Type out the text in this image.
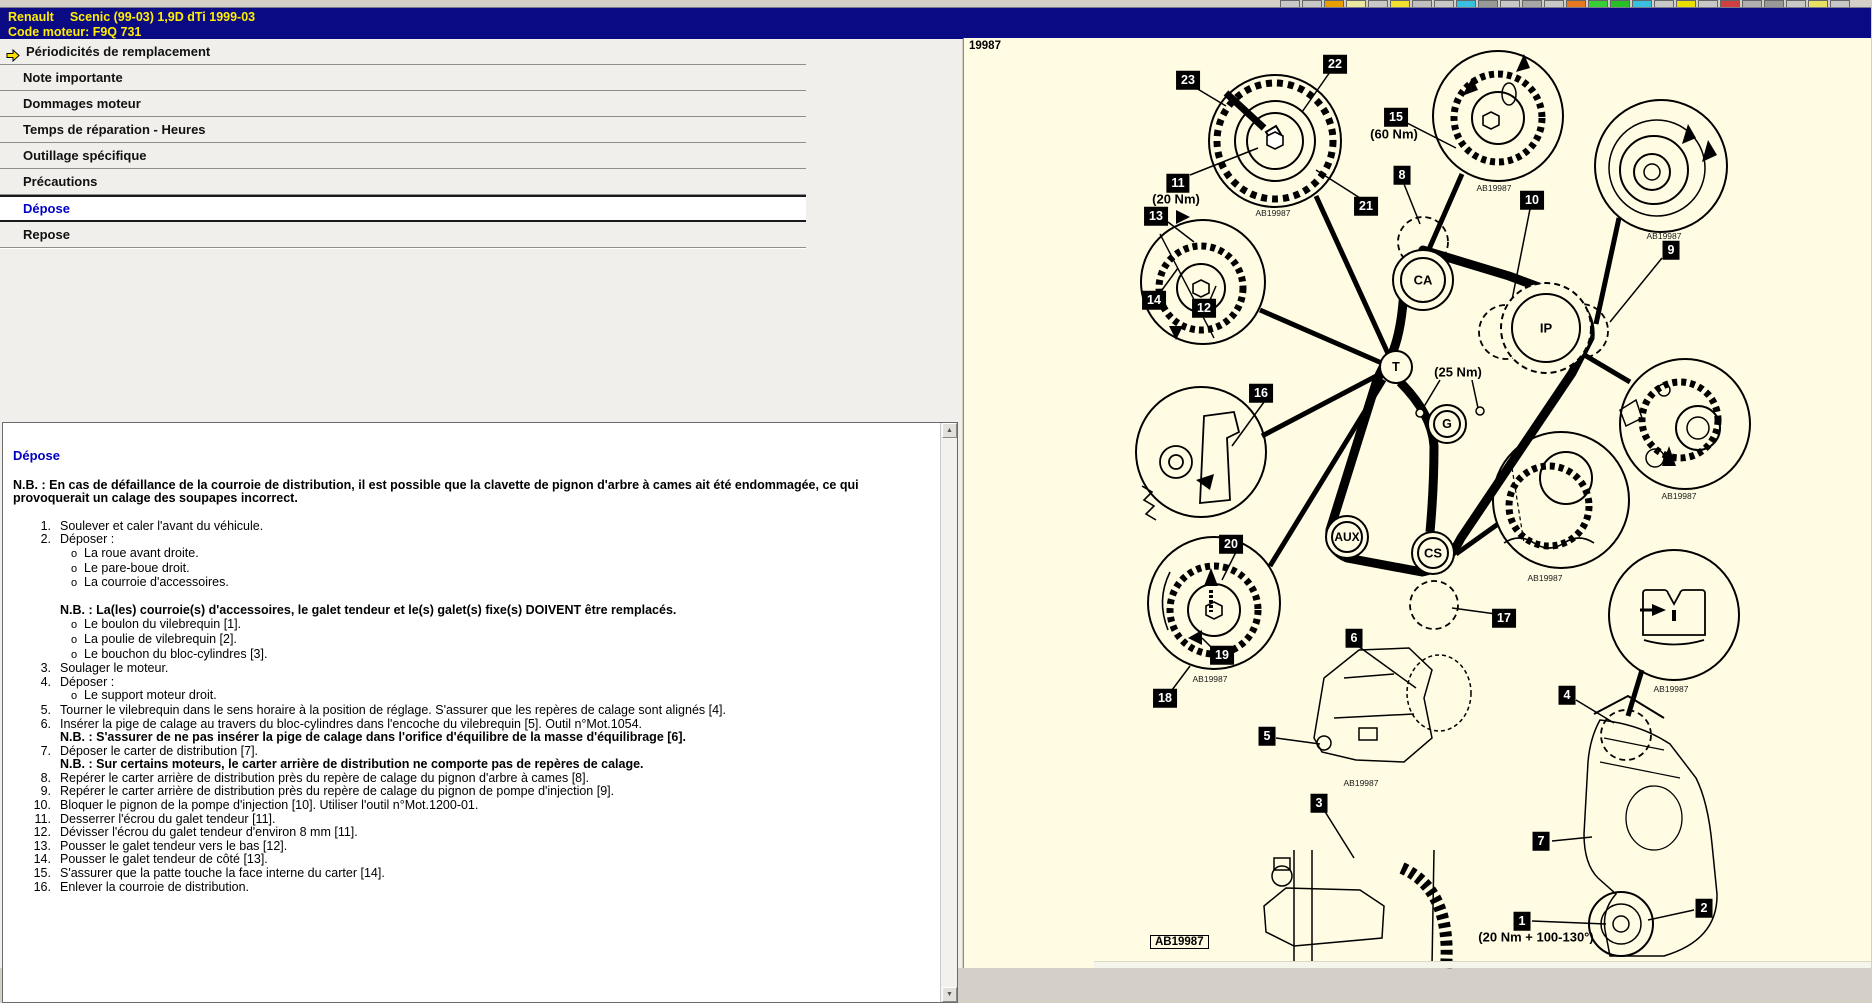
Renault Scenic (99-03) 1,9D dTi 1999-03
Code moteur: F9Q 731
Périodicités de remplacement
Note importante
Dommages moteur
Temps de réparation - Heures
Outillage spécifique
Précautions
Dépose
Repose
Dépose
N.B. : En cas de défaillance de la courroie de distribution, il est possible que la clavette de pignon d'arbre à cames ait été endommagée, ce qui provoquerait un calage des soupapes incorrect.
1. Soulever et caler l'avant du véhicule.
2. Déposer :
o La roue avant droite.
o Le pare-boue droit.
o La courroie d'accessoires.
N.B. : La(les) courroie(s) d'accessoires, le galet tendeur et le(s) galet(s) fixe(s) DOIVENT être remplacés.
o Le boulon du vilebrequin [1].
o La poulie de vilebrequin [2].
o Le bouchon du bloc-cylindres [3].
3. Soulager le moteur.
4. Déposer :
o Le support moteur droit.
5. Tourner le vilebrequin dans le sens horaire à la position de réglage. S'assurer que les repères de calage sont alignés [4].
6. Insérer la pige de calage au travers du bloc-cylindres dans l'encoche du vilebrequin [5]. Outil n°Mot.1054.
N.B. : S'assurer de ne pas insérer la pige de calage dans l'orifice d'équilibre de la masse d'équilibrage [6].
7. Déposer le carter de distribution [7].
N.B. : Sur certains moteurs, le carter arrière de distribution ne comporte pas de repères de calage.
8. Repérer le carter arrière de distribution près du repère de calage du pignon d'arbre à cames [8].
9. Repérer le carter arrière de distribution près du repère de calage du pignon de pompe d'injection [9].
10. Bloquer le pignon de la pompe d'injection [10]. Utiliser l'outil n°Mot.1200-01.
11. Desserrer l'écrou du galet tendeur [11].
12. Dévisser l'écrou du galet tendeur d'environ 8 mm [11].
13. Pousser le galet tendeur vers le bas [12].
14. Pousser le galet tendeur de côté [13].
15. S'assurer que la patte touche la face interne du carter [14].
16. Enlever la courroie de distribution.
▲
▼
19987
23
22
15
11
21
8
10
9
13
14
12
16
20
19
18
17
6
5
3
4
7
1
2
CA
IP
T
G
AUX
CS
(20 Nm)
(60 Nm)
(25 Nm)
(20 Nm + 100-130°)
AB19987
AB19987
AB19987
AB19987
AB19987
AB19987
AB19987
AB19987
AB19987
